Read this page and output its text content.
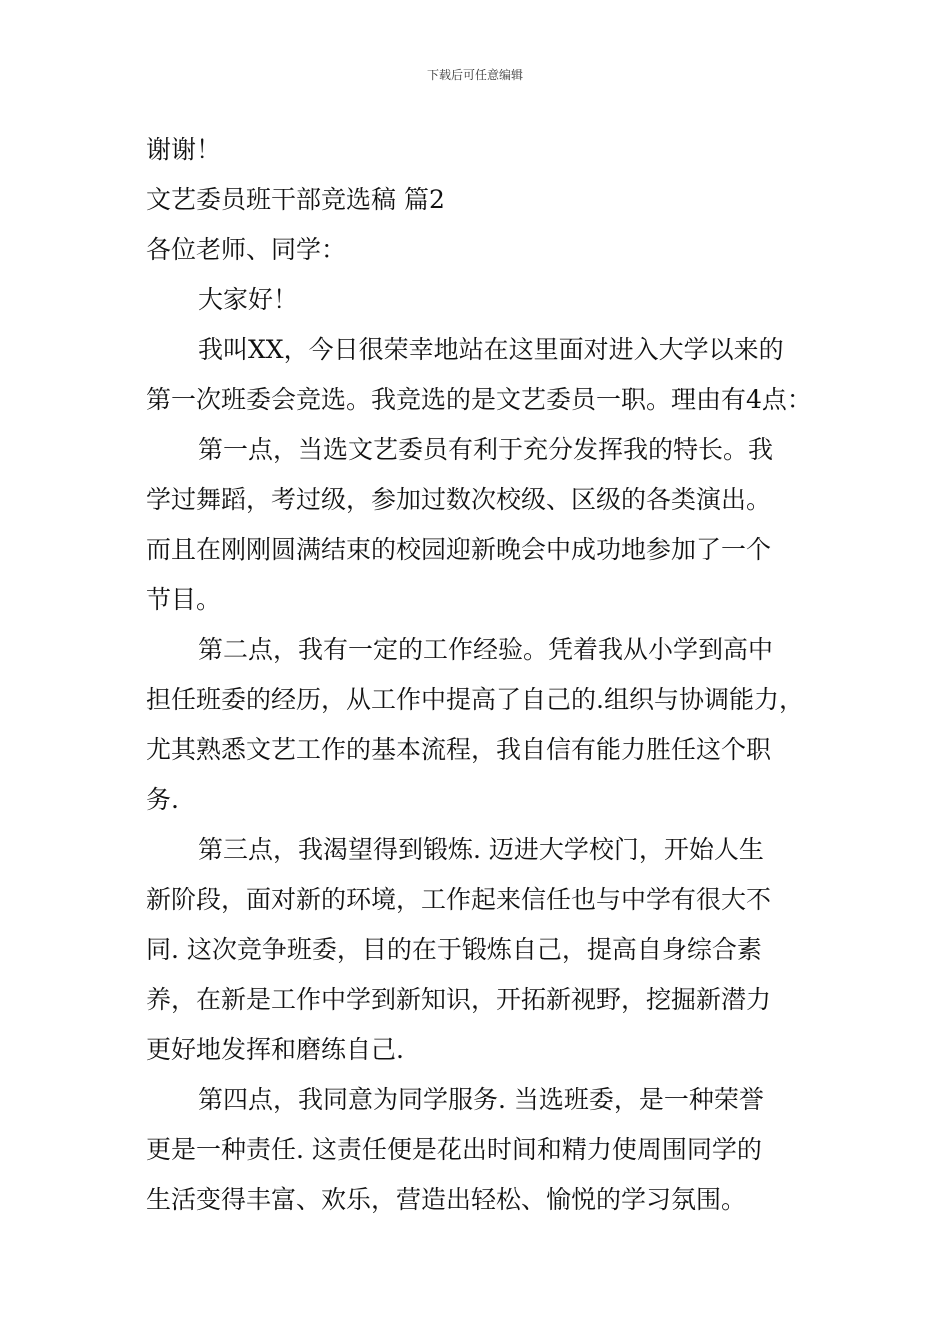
下载后可任意编辑
谢谢！
文艺委员班干部竞选稿 篇2
各位老师、同学：
大家好！
我叫XX，今日很荣幸地站在这里面对进入大学以来的
第一次班委会竞选。我竞选的是文艺委员一职。理由有4点：
第一点，当选文艺委员有利于充分发挥我的特长。我
学过舞蹈，考过级，参加过数次校级、区级的各类演出。
而且在刚刚圆满结束的校园迎新晚会中成功地参加了一个
节目。
第二点，我有一定的工作经验。凭着我从小学到高中
担任班委的经历，从工作中提高了自己的.组织与协调能力，
尤其熟悉文艺工作的基本流程，我自信有能力胜任这个职
务.
第三点，我渴望得到锻炼. 迈进大学校门，开始人生
新阶段，面对新的环境，工作起来信任也与中学有很大不
同. 这次竞争班委，目的在于锻炼自己，提高自身综合素
养，在新是工作中学到新知识，开拓新视野，挖掘新潜力
更好地发挥和磨练自己.
第四点，我同意为同学服务. 当选班委，是一种荣誉
更是一种责任. 这责任便是花出时间和精力使周围同学的
生活变得丰富、欢乐，营造出轻松、愉悦的学习氛围。
